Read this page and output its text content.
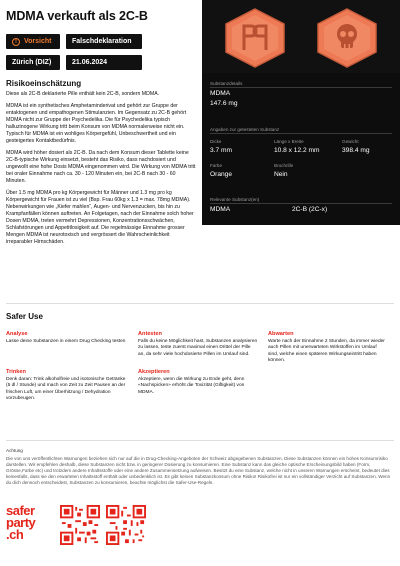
MDMA verkauft als 2C-B
!	Vorsicht	Falschdeklaration
Zürich (DIZ)	21.06.2024
Substanzdetails
MDMA
147.6 mg
Angaben zur getesteten Substanz
Dicke
3.7 mm
Länge x Breite
10.8 x 12.2 mm
Gewicht
398.4 mg
Farbe
Orange
Bruchrille
Nein
Relevante Substanz(en)
MDMA	2C-B (2C-x)
Risikoeinschätzung

Diese als 2C-B deklarierte Pille enthält kein 2C-B, sondern MDMA.

MDMA ist ein synthetisches Amphetaminderivat und gehört zur Gruppe der entaktogenen und empathogenen Stimulanzien. Im Gegensatz zu 2C-B gehört MDMA nicht zur Gruppe der Psychedelika. Die für Psychedelika typisch halluzinogene Wirkung tritt beim Konsum von MDMA normalerweise nicht ein. Typisch für MDMA ist ein wohliges Körpergefühl, Unbeschwertheit und ein gesteigertes Kontaktbedürfnis.

MDMA wird höher dosiert als 2C-B. Da nach dem Konsum dieser Tablette keine 2C-B-typische Wirkung einsetzt, besteht das Risiko, dass nachdosiert und ungewollt eine hohe Dosis MDMA eingenommen wird. Die Wirkung von MDMA tritt bei oraler Einnahme nach ca. 30 - 120 Minuten ein, bei 2C-B nach 30 - 60 Minuten.

Über 1.5 mg MDMA pro kg Körpergewicht für Männer und 1.3 mg pro kg Körpergewicht für Frauen ist zu viel (Bsp. Frau 60kg x 1.3 = max. 78mg MDMA). Nebenwirkungen wie „Kiefer mahlen“, Augen- und Nervenzucken, bis hin zu Krampfanfällen können auftreten. An Folgetagen, nach der Einnahme solch hoher Dosen MDMA, treten vermehrt Depressionen, Konzentrationsschwächen, Schlafstörungen und Appetitlosigkeit auf. Die regelmässige Einnahme grosser Mengen MDMA ist neurotoxisch und vergrössert die Wahrscheinlichkeit irreparabler Hirnschäden.

Safer Use
Analyse
Lasse deine Substanzen in einem Drug Checking testen
Antesten
Falls du keine Möglichkeit hast, Substanzen analysieren zu lassen, teste zuerst maximal einen Drittel der Pille an, da sehr viele hochdosierte Pillen im Umlauf sind.
Abwarten
Warte nach der Einnahme 2 Stunden, da immer wieder auch Pillen mit unerwarteten Wirkstoffen im Umlauf sind, welche einen späteren Wirkungseintritt haben können.
Trinken
Denk daran: Trink alkoholfreie und isotonische Getränke (5 dl / Stunde) und mach von Zeit zu Zeit Pausen an der frischen Luft, um einer Überhitzung / Dehydration vorzubeugen.
Akzeptieren
Akzeptiere, wenn die Wirkung zu Ende geht, denn «Nachspicken» erhöht die Toxizität (Giftigkeit) von MDMA.
Achtung
Die von uns veröffentlichten Warnungen beziehen sich nur auf die in Drug-Checking-Angeboten der Schweiz abgegebenen Substanzen. Diese Substanzen können ein hohes Konsumrisiko darstellen. Wir empfehlen deshalb, diese Substanzen nicht bzw. in geringerer Dosierung zu konsumieren. Eine Substanz kann das gleiche optische Erscheinungsbild haben (Form, Grösse,Farbe etc) und trotzdem andere Inhaltsstoffe oder eine andere Zusammensetzung aufweisen. Besitzt du eine Substanz, welche nicht in unseren Warnungen erscheint, bedeutet dies keinesfalls, dass sie den erwarteten Inhaltsstoff enthält oder unbedenklich ist. Es gibt keinen Substanzkonsum ohne Risiko! Risikofrei ist nur ein vollständiger Verzicht auf Substanzen. Wenn du dich dennoch entscheidest, Substanzen zu konsumieren, beachte möglichst die Safer-Use-Regeln.
safer
party
.ch
